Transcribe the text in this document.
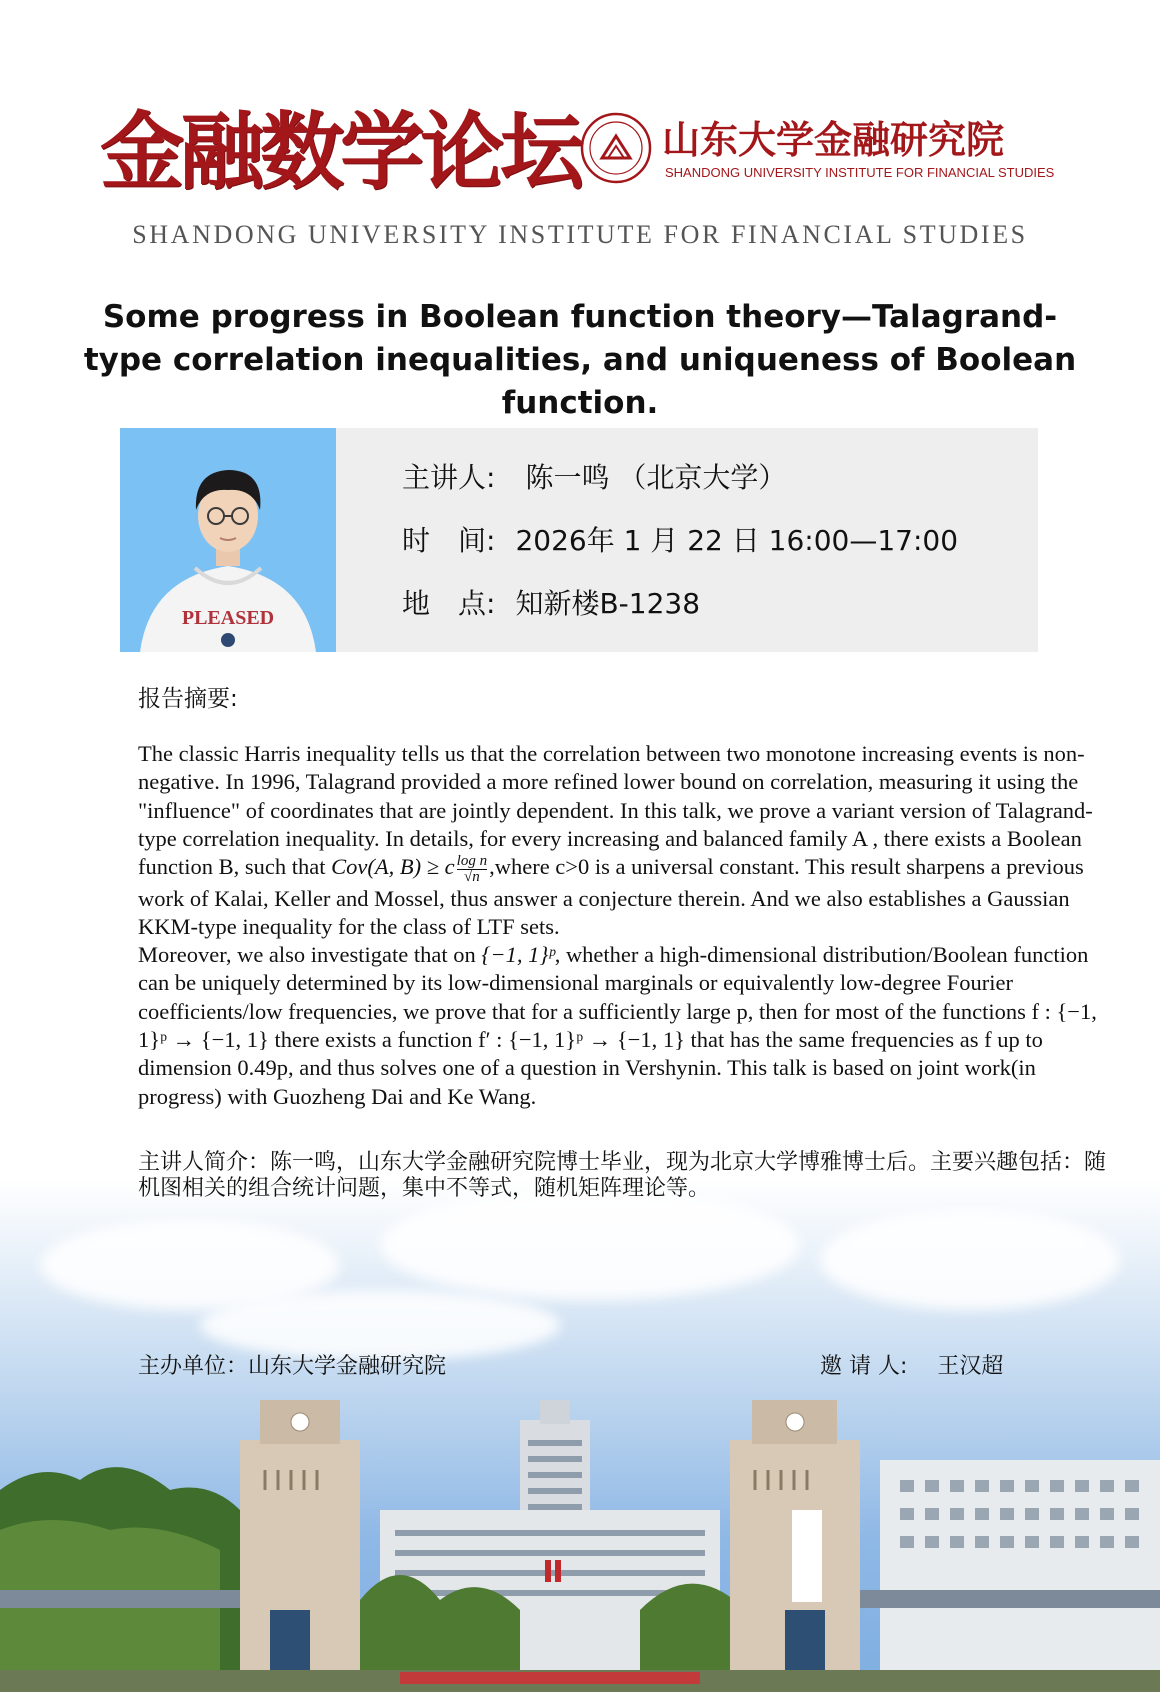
金融数学论坛 山东大学金融研究院
SHANDONG UNIVERSITY INSTITUTE FOR FINANCIAL STUDIES
SHANDONG UNIVERSITY INSTITUTE FOR FINANCIAL STUDIES
Some progress in Boolean function theory—Talagrand-type correlation inequalities, and uniqueness of Boolean function.
PLEASED
主讲人: 陈一鸣 （北京大学）
时　间: 2026年 1 月 22 日 16:00—17:00
地　点: 知新楼B-1238
报告摘要:

The classic Harris inequality tells us that the correlation between two monotone increasing events is non-negative. In 1996, Talagrand provided a more refined lower bound on correlation, measuring it using the "influence" of coordinates that are jointly dependent. In this talk, we prove a variant version of Talagrand-type correlation inequality. In details, for every increasing and balanced family A , there exists a Boolean function B, such that Cov(A, B) ≥ c $\frac{\text{log n}}{√n}$ ,where c>0 is a universal constant. This result sharpens a previous work of Kalai, Keller and Mossel, thus answer a conjecture therein. And we also establishes a Gaussian KKM-type inequality for the class of LTF sets.

Moreover, we also investigate that on {−1, 1}ᵖ, whether a high-dimensional distribution/Boolean function can be uniquely determined by its low-dimensional marginals or equivalently low-degree Fourier coefficients/low frequencies, we prove that for a sufficiently large p, then for most of the functions f : {−1, 1}ᵖ → {−1, 1} there exists a function f′ : {−1, 1}ᵖ → {−1, 1} that has the same frequencies as f up to dimension 0.49p, and thus solves one of a question in Vershynin. This talk is based on joint work(in progress) with Guozheng Dai and Ke Wang.

主讲人简介：陈一鸣，山东大学金融研究院博士毕业，现为北京大学博雅博士后。主要兴趣包括：随机图相关的组合统计问题，集中不等式，随机矩阵理论等。
主办单位：山东大学金融研究院	邀 请 人: 王汉超
